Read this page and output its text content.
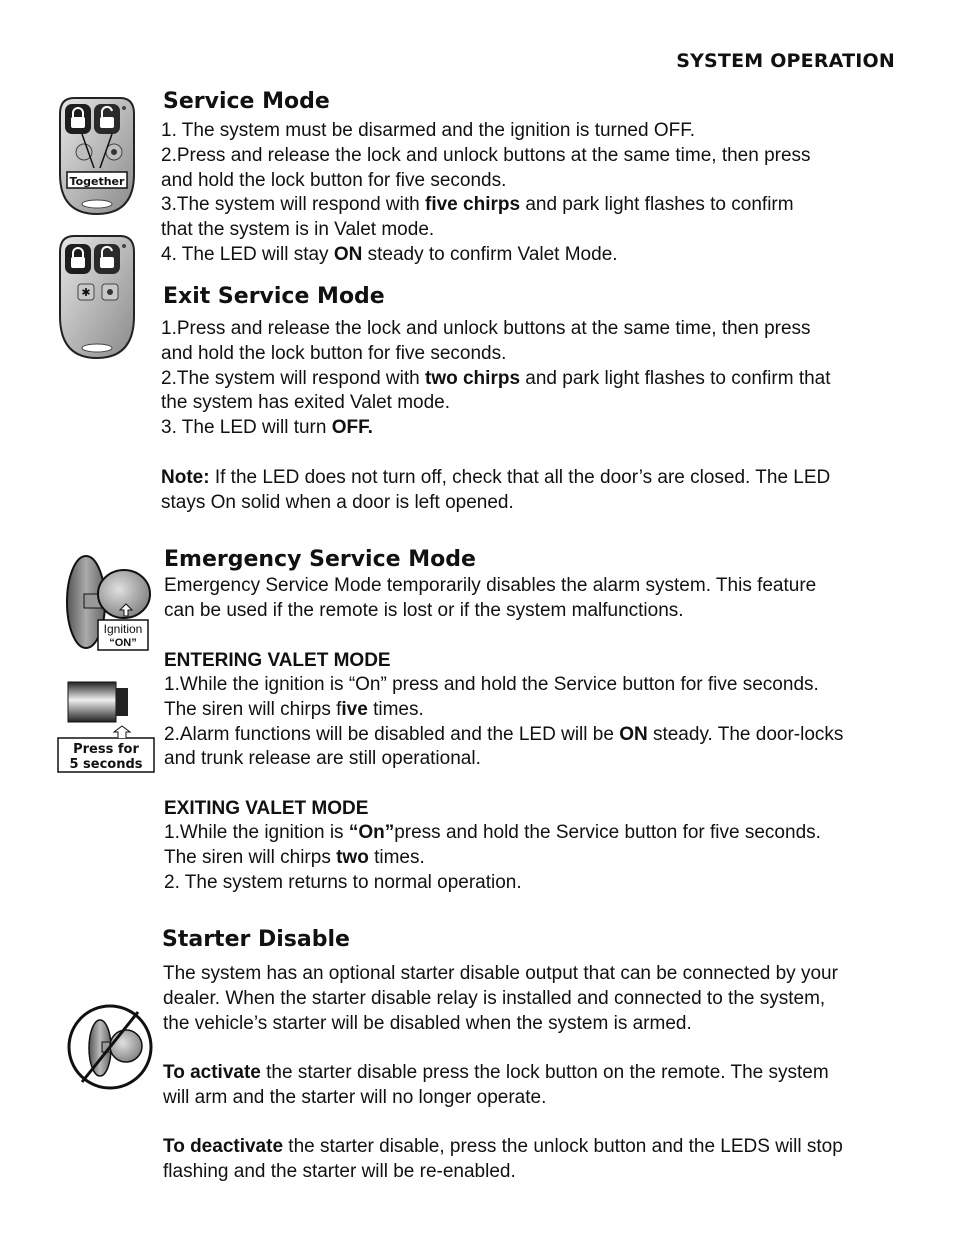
SYSTEM OPERATION
Together
✱
Service Mode
1. The system must be disarmed and the ignition is turned OFF.
2.Press and release the lock and unlock buttons at the same time, then press
and hold the lock button for five seconds.
3.The system will respond with five chirps and park light flashes to confirm
that the system is in Valet mode.
4. The LED will stay ON steady to confirm Valet Mode.
Exit Service Mode
1.Press and release the lock and unlock buttons at the same time, then press
and hold the lock button for five seconds.
2.The system will respond with two chirps and park light flashes to confirm that
the system has exited Valet mode.
3. The LED will turn OFF.
Note: If the LED does not turn off, check that all the door’s are closed. The LED
stays On solid when a door is left opened.
Ignition
“ON”
Press for
5 seconds
Emergency Service Mode
Emergency Service Mode temporarily disables the alarm system. This feature
can be used if the remote is lost or if the system malfunctions.
ENTERING VALET MODE
1.While the ignition is “On” press and hold the Service button for five seconds.
The siren will chirps five times.
2.Alarm functions will be disabled and the LED will be ON steady. The door-locks
and trunk release are still operational.
EXITING VALET MODE
1.While the ignition is “On”press and hold the Service button for five seconds.
The siren will chirps two times.
2. The system returns to normal operation.
Starter Disable
The system has an optional starter disable output that can be connected by your
dealer. When the starter disable relay is installed and connected to the system,
the vehicle’s starter will be disabled when the system is armed.
To activate the starter disable press the lock button on the remote. The system
will arm and the starter will no longer operate.
To deactivate the starter disable, press the unlock button and the LEDS will stop
flashing and the starter will be re-enabled.
